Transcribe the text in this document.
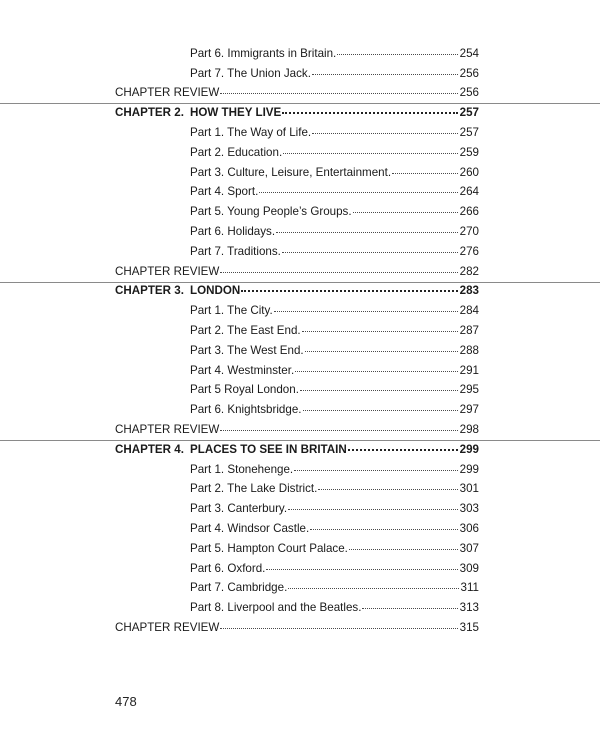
Part 6. Immigrants in Britain.	254
Part 7. The Union Jack.	256
CHAPTER REVIEW	256
CHAPTER 2. HOW THEY LIVE	257
Part 1. The Way of Life.	257
Part 2. Education.	259
Part 3. Culture, Leisure, Entertainment.	260
Part 4. Sport.	264
Part 5. Young People’s Groups.	266
Part 6. Holidays.	270
Part 7. Traditions.	276
CHAPTER REVIEW	282
CHAPTER 3. LONDON	283
Part 1. The City.	284
Part 2. The East End.	287
Part 3. The West End.	288
Part 4. Westminster.	291
Part 5 Royal London.	295
Part 6. Knightsbridge.	297
CHAPTER REVIEW	298
CHAPTER 4. PLACES TO SEE IN BRITAIN	299
Part 1. Stonehenge.	299
Part 2. The Lake District.	301
Part 3. Canterbury.	303
Part 4. Windsor Castle.	306
Part 5. Hampton Court Palace.	307
Part 6. Oxford.	309
Part 7. Cambridge.	311
Part 8. Liverpool and the Beatles.	313
CHAPTER REVIEW	315
478
